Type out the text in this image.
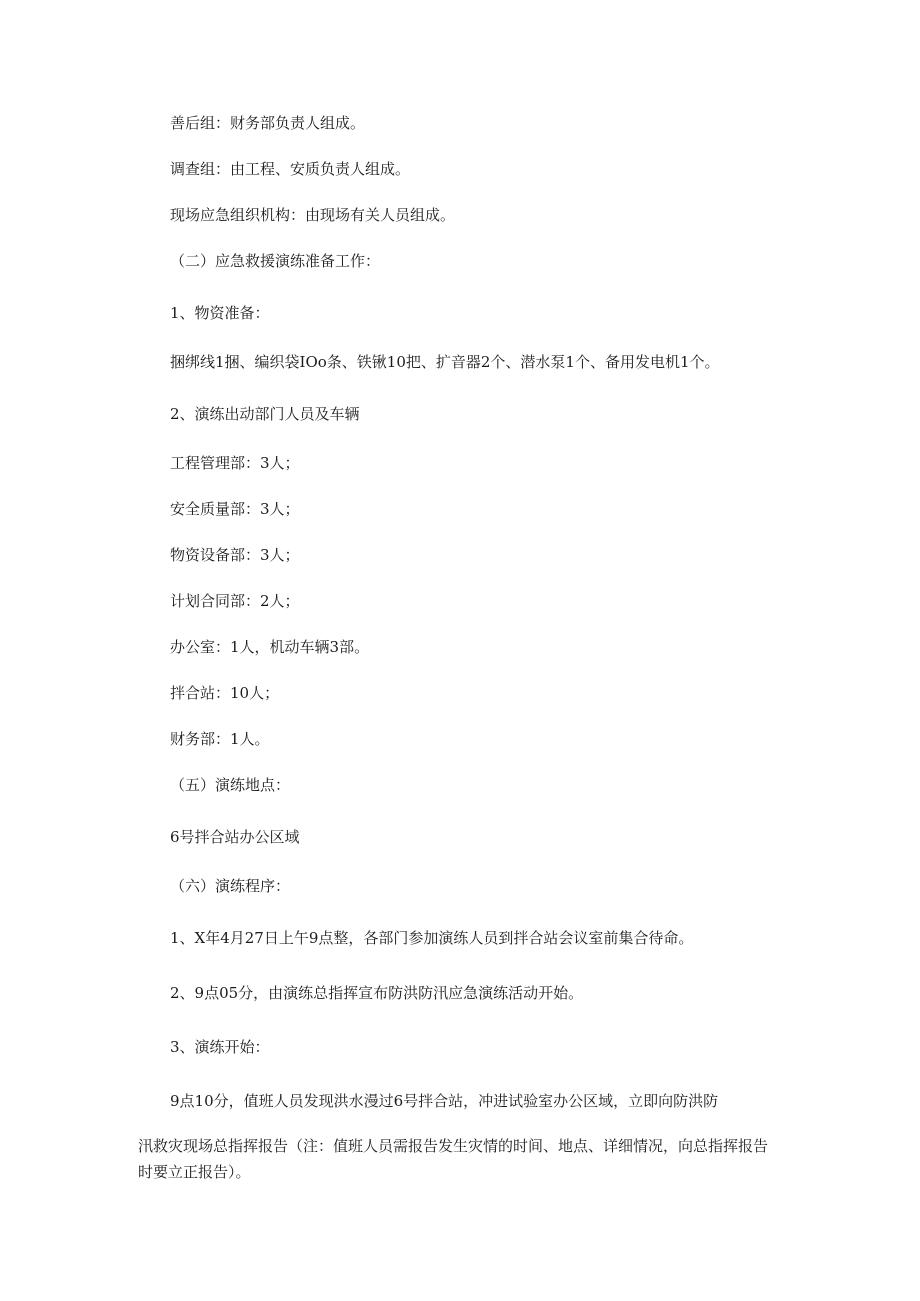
善后组：财务部负责人组成。
调查组：由工程、安质负责人组成。
现场应急组织机构：由现场有关人员组成。
（二）应急救援演练准备工作：
1、物资准备：
捆绑线1捆、编织袋IOo条、铁锹10把、扩音器2个、潜水泵1个、备用发电机1个。
2、演练出动部门人员及车辆
工程管理部：3人；
安全质量部：3人；
物资设备部：3人；
计划合同部：2人；
办公室：1人，机动车辆3部。
拌合站：10人；
财务部：1人。
（五）演练地点：
6号拌合站办公区域
（六）演练程序：
1、X年4月27日上午9点整，各部门参加演练人员到拌合站会议室前集合待命。
2、9点05分，由演练总指挥宣布防洪防汛应急演练活动开始。
3、演练开始：
9点10分，值班人员发现洪水漫过6号拌合站，冲进试验室办公区域，立即向防洪防
汛救灾现场总指挥报告（注：值班人员需报告发生灾情的时间、地点、详细情况，向总指挥报告
时要立正报告）。
